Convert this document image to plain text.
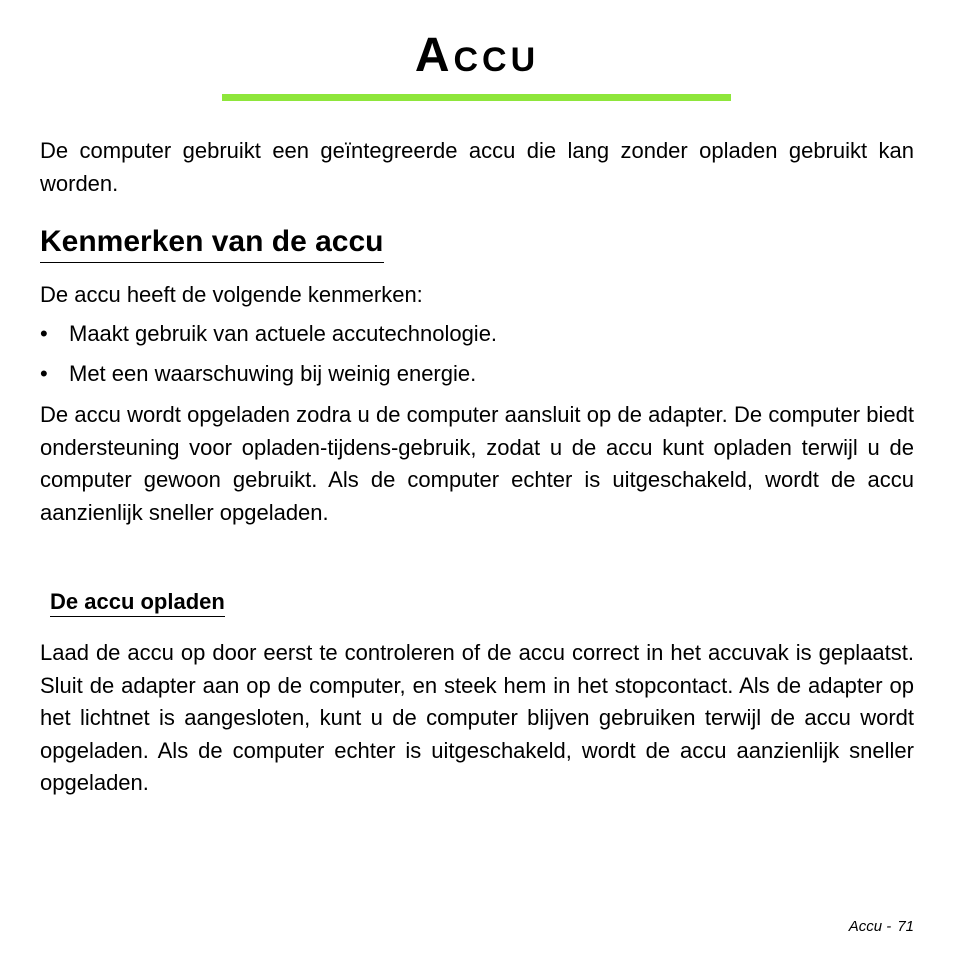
Accu

De computer gebruikt een geïntegreerde accu die lang zonder opladen gebruikt kan worden.

Kenmerken van de accu

De accu heeft de volgende kenmerken:

• Maakt gebruik van actuele accutechnologie.
• Met een waarschuwing bij weinig energie.

De accu wordt opgeladen zodra u de computer aansluit op de adapter. De computer biedt ondersteuning voor opladen-tijdens-gebruik, zodat u de accu kunt opladen terwijl u de computer gewoon gebruikt. Als de computer echter is uitgeschakeld, wordt de accu aanzienlijk sneller opgeladen.

De accu opladen

Laad de accu op door eerst te controleren of de accu correct in het accuvak is geplaatst. Sluit de adapter aan op de computer, en steek hem in het stopcontact. Als de adapter op het lichtnet is aangesloten, kunt u de computer blijven gebruiken terwijl de accu wordt opgeladen. Als de computer echter is uitgeschakeld, wordt de accu aanzienlijk sneller opgeladen.

Accu - 71
